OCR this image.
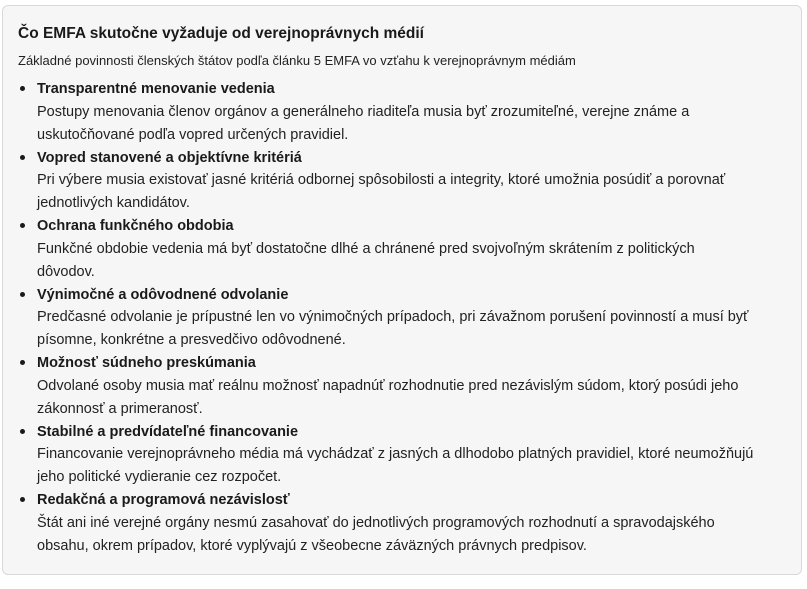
Čo EMFA skutočne vyžaduje od verejnoprávnych médií
Základné povinnosti členských štátov podľa článku 5 EMFA vo vzťahu k verejnoprávnym médiám
Transparentné menovanie vedenia
Postupy menovania členov orgánov a generálneho riaditeľa musia byť zrozumiteľné, verejne známe a
uskutočňované podľa vopred určených pravidiel.
Vopred stanovené a objektívne kritériá
Pri výbere musia existovať jasné kritériá odbornej spôsobilosti a integrity, ktoré umožnia posúdiť a porovnať
jednotlivých kandidátov.
Ochrana funkčného obdobia
Funkčné obdobie vedenia má byť dostatočne dlhé a chránené pred svojvoľným skrátením z politických
dôvodov.
Výnimočné a odôvodnené odvolanie
Predčasné odvolanie je prípustné len vo výnimočných prípadoch, pri závažnom porušení povinností a musí byť
písomne, konkrétne a presvedčivo odôvodnené.
Možnosť súdneho preskúmania
Odvolané osoby musia mať reálnu možnosť napadnúť rozhodnutie pred nezávislým súdom, ktorý posúdi jeho
zákonnosť a primeranosť.
Stabilné a predvídateľné financovanie
Financovanie verejnoprávneho média má vychádzať z jasných a dlhodobo platných pravidiel, ktoré neumožňujú
jeho politické vydieranie cez rozpočet.
Redakčná a programová nezávislosť
Štát ani iné verejné orgány nesmú zasahovať do jednotlivých programových rozhodnutí a spravodajského
obsahu, okrem prípadov, ktoré vyplývajú z všeobecne záväzných právnych predpisov.
